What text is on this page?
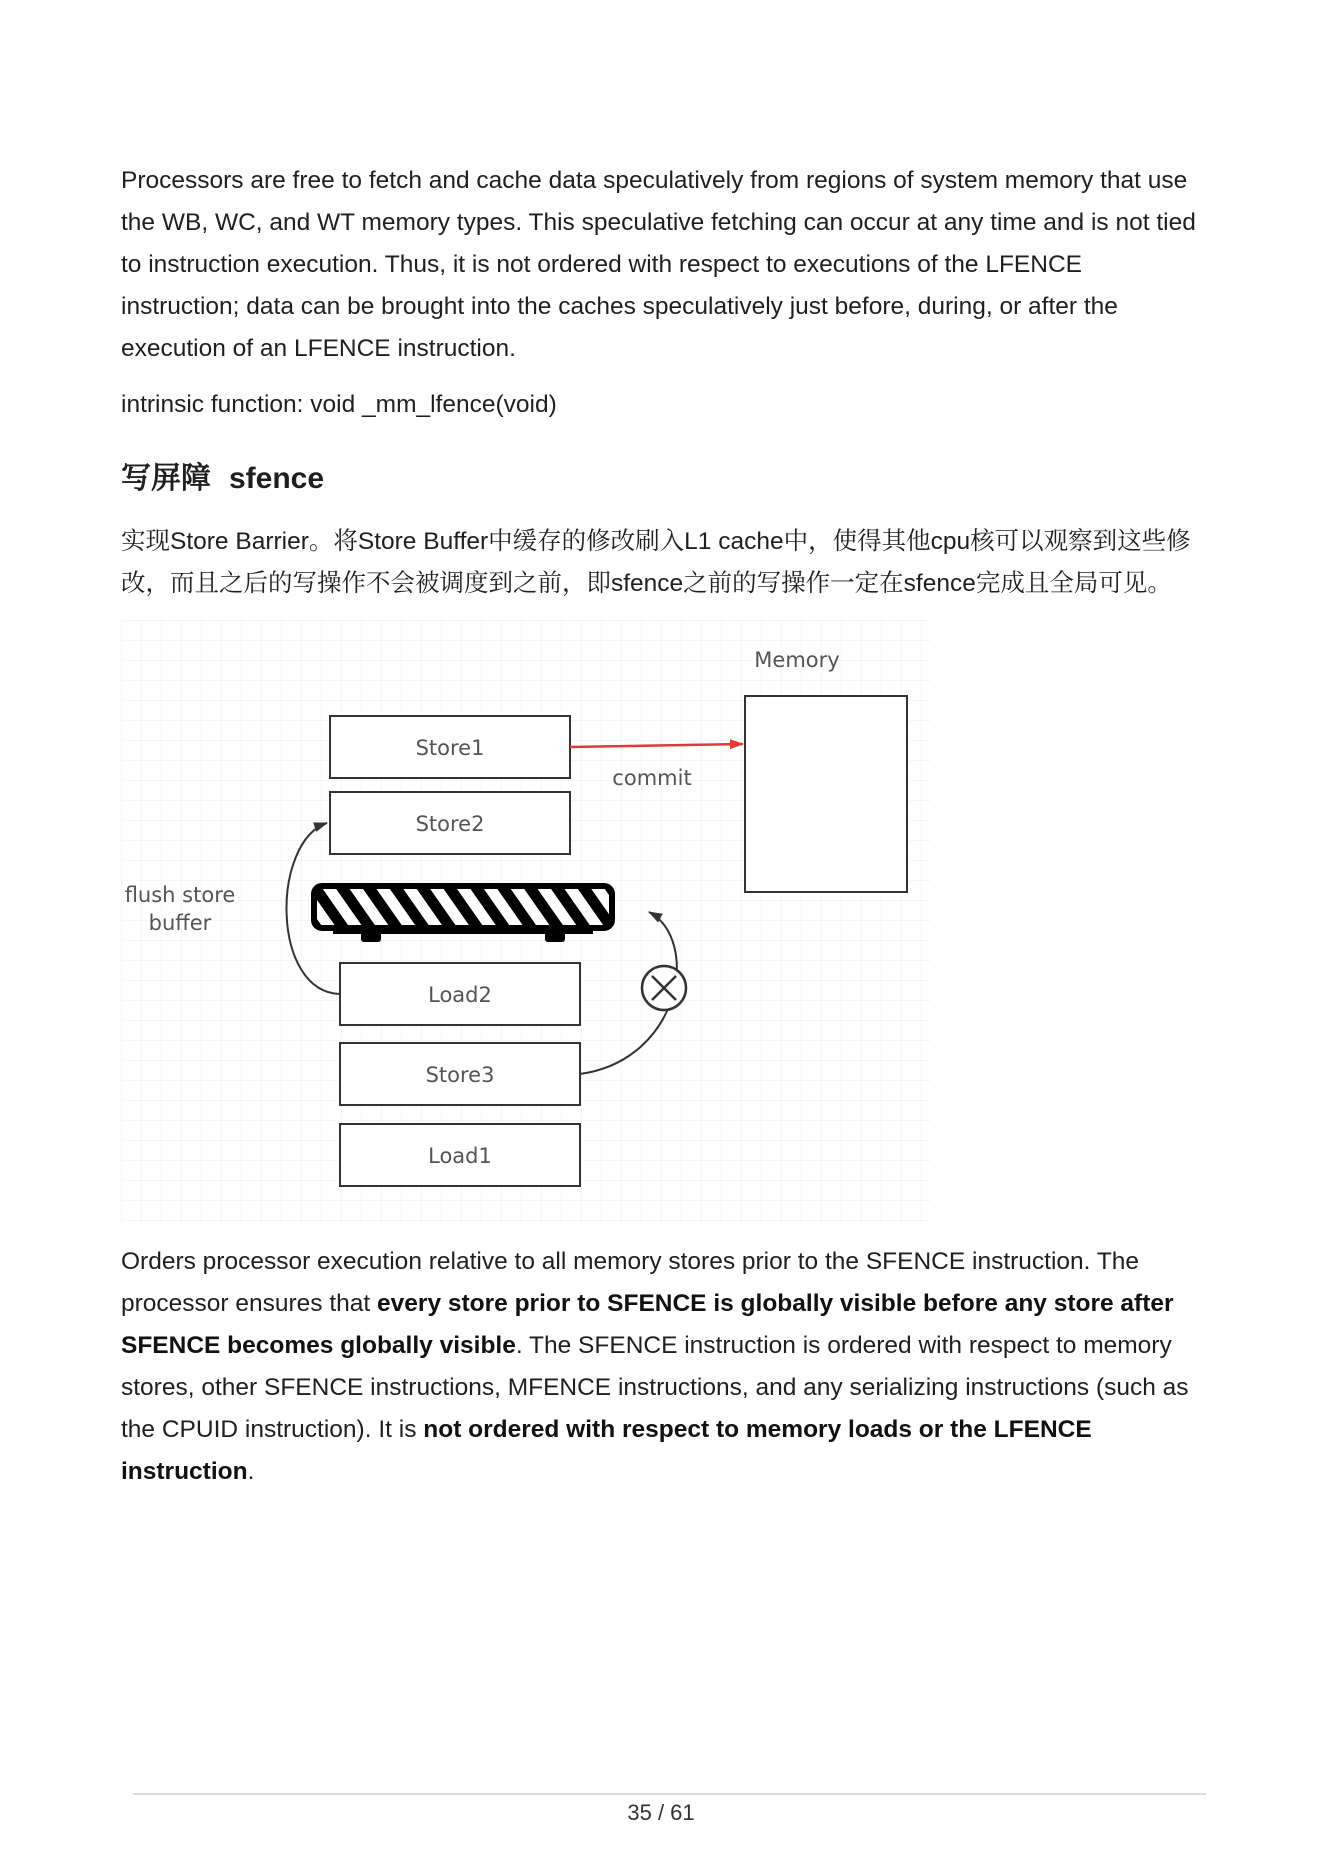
Processors are free to fetch and cache data speculatively from regions of system memory that use the WB, WC, and WT memory types. This speculative fetching can occur at any time and is not tied to instruction execution. Thus, it is not ordered with respect to executions of the LFENCE instruction; data can be brought into the caches speculatively just before, during, or after the execution of an LFENCE instruction.

intrinsic function: void _mm_lfence(void)

写屏障 sfence

实现Store Barrier。将Store Buffer中缓存的修改刷入L1 cache中，使得其他cpu核可以观察到这些修改，而且之后的写操作不会被调度到之前，即sfence之前的写操作一定在sfence完成且全局可见。

Memory
Store1
Store2
commit
flush store
buffer
Load2
Store3
Load1

Orders processor execution relative to all memory stores prior to the SFENCE instruction. The processor ensures that every store prior to SFENCE is globally visible before any store after SFENCE becomes globally visible. The SFENCE instruction is ordered with respect to memory stores, other SFENCE instructions, MFENCE instructions, and any serializing instructions (such as the CPUID instruction). It is not ordered with respect to memory loads or the LFENCE instruction.

35 / 61
